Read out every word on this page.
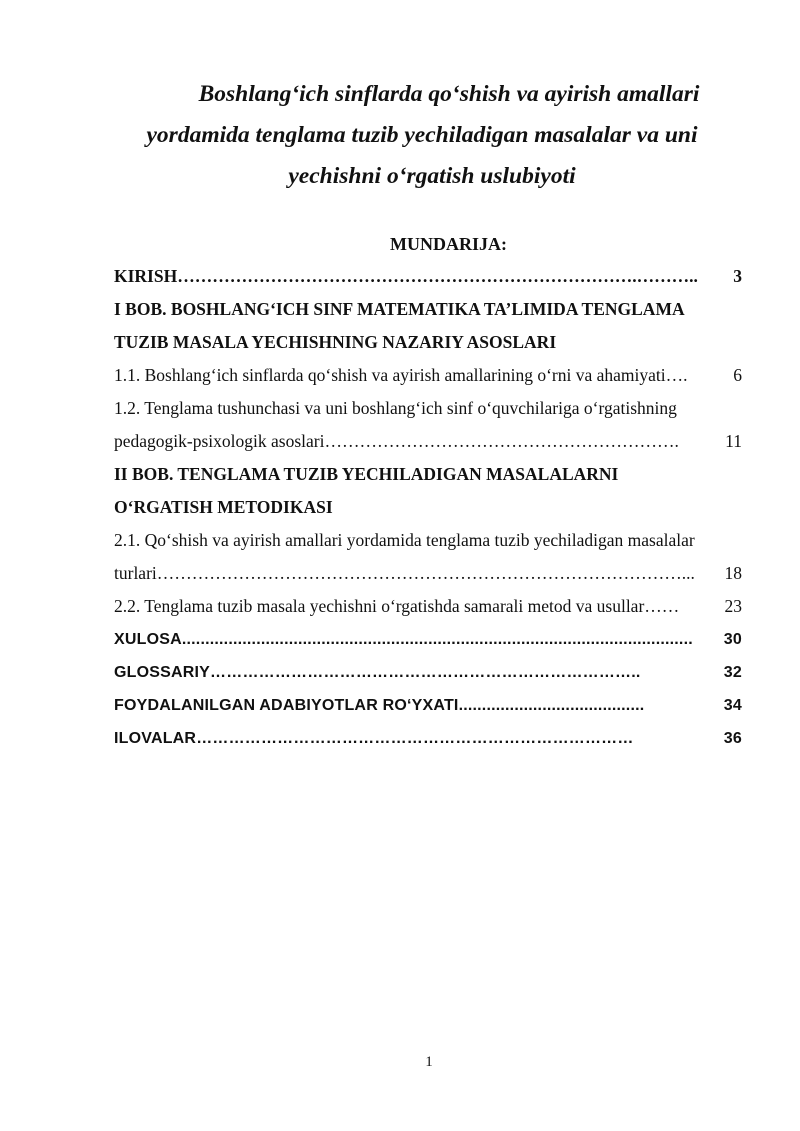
Boshlang‘ich sinflarda qo‘shish va ayirish amallari
yordamida tenglama tuzib yechiladigan masalalar va uni
yechishni o‘rgatish uslubiyoti
MUNDARIJA:
KIRISH …………………………………………………………………….………..	3
I BOB. BOSHLANG‘ICH SINF MATEMATIKA TA’LIMIDA TENGLAMA
TUZIB MASALA YECHISHNING NAZARIY ASOSLARI
1.1. Boshlang‘ich sinflarda qo‘shish va ayirish amallarining o‘rni va ahamiyati ….	6
1.2. Tenglama tushunchasi va uni boshlang‘ich sinf o‘quvchilariga o‘rgatishning
pedagogik-psixologik asoslari …………………………………………………….	11
II BOB. TENGLAMA TUZIB YECHILADIGAN MASALALARNI
O‘RGATISH METODIKASI
2.1. Qo‘shish va ayirish amallari yordamida tenglama tuzib yechiladigan masalalar
turlari ………………………………………………………………………………...	18
2.2. Tenglama tuzib masala yechishni o‘rgatishda samarali metod va usullar ……	23
XULOSA ..............................................................................................................	30
GLOSSARIY ……………………………………………………………………..	32
FOYDALANILGAN ADABIYOTLAR RO‘YXATI ........................................	34
ILOVALAR ………………………………………………………………………	36
1
